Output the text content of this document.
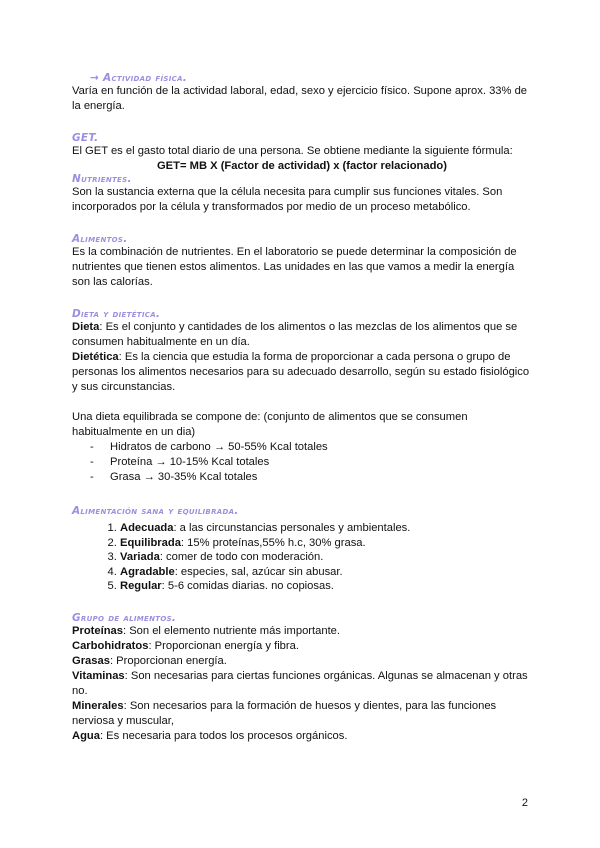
→ Actividad física.

Varía en función de la actividad laboral, edad, sexo y ejercicio físico. Supone aprox. 33% de la energía.

GET.

El GET es el gasto total diario de una persona. Se obtiene mediante la siguiente fórmula:

GET= MB X (Factor de actividad) x (factor relacionado)
Nutrientes.

Son la sustancia externa que la célula necesita para cumplir sus funciones vitales. Son incorporados por la célula y transformados por medio de un proceso metabólico.

Alimentos.

Es la combinación de nutrientes. En el laboratorio se puede determinar la composición de nutrientes que tienen estos alimentos. Las unidades en las que vamos a medir la energía son las calorías.

Dieta y dietética.

Dieta: Es el conjunto y cantidades de los alimentos o las mezclas de los alimentos que se consumen habitualmente en un día.

Dietética: Es la ciencia que estudia la forma de proporcionar a cada persona o grupo de personas los alimentos necesarios para su adecuado desarrollo, según su estado fisiológico y sus circunstancias.

Una dieta equilibrada se compone de: (conjunto de alimentos que se consumen habitualmente en un dia)

- Hidratos de carbono → 50-55% Kcal totales
- Proteína → 10-15% Kcal totales
- Grasa → 30-35% Kcal totales
Alimentación sana y equilibrada.
1. Adecuada: a las circunstancias personales y ambientales.
2. Equilibrada: 15% proteínas,55% h.c, 30% grasa.
3. Variada: comer de todo con moderación.
4. Agradable: especies, sal, azúcar sin abusar.
5. Regular: 5-6 comidas diarias. no copiosas.
Grupo de alimentos.

Proteínas: Son el elemento nutriente más importante.

Carbohidratos: Proporcionan energía y fibra.

Grasas: Proporcionan energía.

Vitaminas: Son necesarias para ciertas funciones orgánicas. Algunas se almacenan y otras no.

Minerales: Son necesarios para la formación de huesos y dientes, para las funciones nerviosa y muscular,

Agua: Es necesaria para todos los procesos orgánicos.

2
